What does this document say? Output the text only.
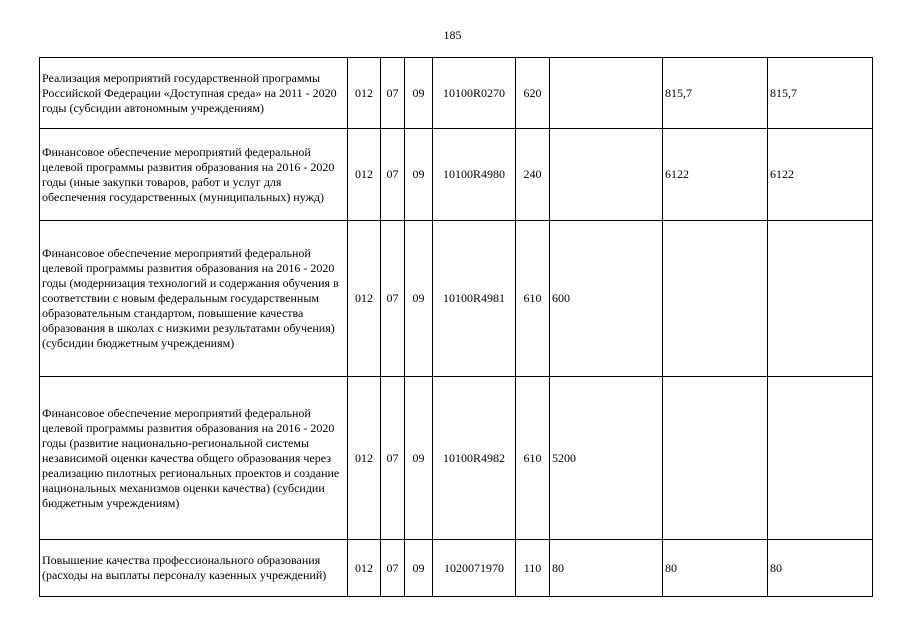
185
Реализация мероприятий государственной программы Российской Федерации «Доступная среда» на 2011 - 2020 годы (субсидии автономным учреждениям)	012	07	09	10100R0270	620		815,7	815,7
Финансовое обеспечение мероприятий федеральной целевой программы развития образования на 2016 - 2020 годы (иные закупки товаров, работ и услуг для обеспечения государственных (муниципальных) нужд)	012	07	09	10100R4980	240		6122	6122
Финансовое обеспечение мероприятий федеральной целевой программы развития образования на 2016 - 2020 годы (модернизация технологий и содержания обучения в соответствии с новым федеральным государственным образовательным стандартом, повышение качества образования в школах с низкими результатами обучения) (субсидии бюджетным учреждениям)	012	07	09	10100R4981	610	600		
Финансовое обеспечение мероприятий федеральной целевой программы развития образования на 2016 - 2020 годы (развитие национально-региональной системы независимой оценки качества общего образования через реализацию пилотных региональных проектов и создание национальных механизмов оценки качества) (субсидии бюджетным учреждениям)	012	07	09	10100R4982	610	5200		
Повышение качества профессионального образования (расходы на выплаты персоналу казенных учреждений)	012	07	09	1020071970	110	80	80	80
